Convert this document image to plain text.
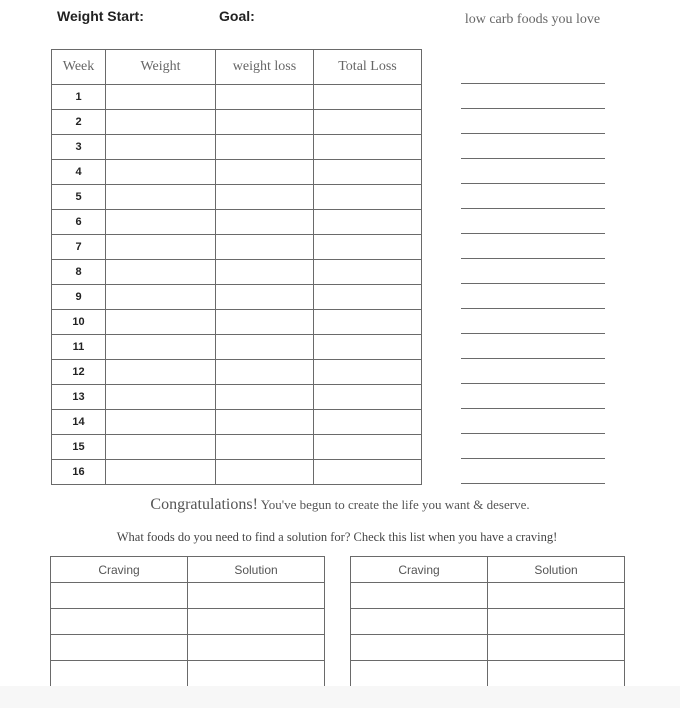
Weight Start:	Goal:	low carb foods you love
Week	Weight	weight loss	Total Loss
1			
2			
3			
4			
5			
6			
7			
8			
9			
10			
11			
12			
13			
14			
15			
16			
Congratulations! You've begun to create the life you want & deserve.
What foods do you need to find a solution for? Check this list when you have a craving!
Craving	Solution

		Craving	Solution
